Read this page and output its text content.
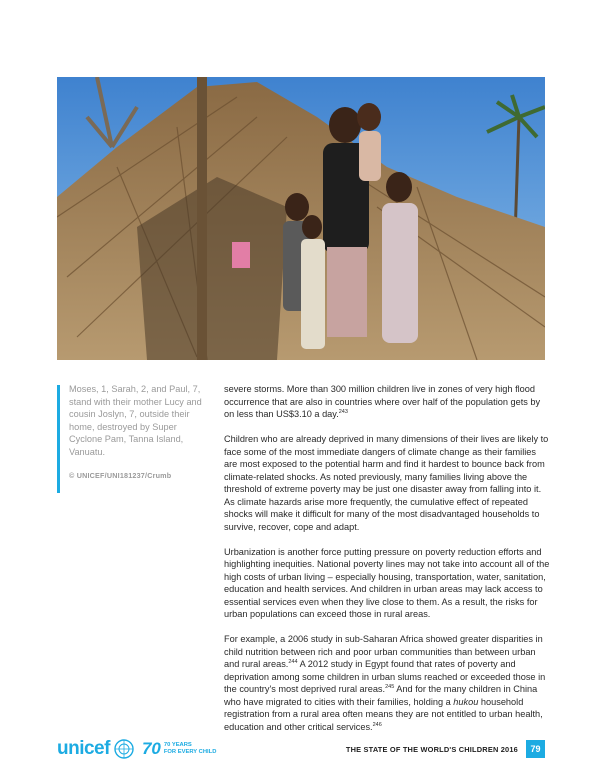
Moses, 1, Sarah, 2, and Paul, 7, stand with their mother Lucy and cousin Joslyn, 7, outside their home, destroyed by Super Cyclone Pam, Tanna Island, Vanuatu.
© UNICEF/UNI181237/Crumb

severe storms. More than 300 million children live in zones of very high flood occurrence that are also in countries where over half of the population gets by on less than US$3.10 a day.$^{243}$

Children who are already deprived in many dimensions of their lives are likely to face some of the most immediate dangers of climate change as their families are most exposed to the potential harm and find it hardest to bounce back from climate-related shocks. As noted previously, many families living above the threshold of extreme poverty may be just one disaster away from falling into it. As climate hazards arise more frequently, the cumulative effect of repeated shocks will make it difficult for many of the most disadvantaged households to survive, recover, cope and adapt.

Urbanization is another force putting pressure on poverty reduction efforts and highlighting inequities. National poverty lines may not take into account all of the high costs of urban living – especially housing, transportation, water, sanitation, education and health services. And children in urban areas may lack access to essential services even when they live close to them. As a result, the risks for urban populations can exceed those in rural areas.

For example, a 2006 study in sub-Saharan Africa showed greater disparities in child nutrition between rich and poor urban communities than between urban and rural areas.$^{244}$ A 2012 study in Egypt found that rates of poverty and deprivation among some children in urban slums reached or exceeded those in the country's most deprived rural areas.$^{245}$ And for the many children in China who have migrated to cities with their families, holding a hukou household registration from a rural area often means they are not entitled to urban health, education and other critical services.$^{246}$

unicef 70 70 YEARS
FOR EVERY CHILD	THE STATE OF THE WORLD'S CHILDREN 2016	79
